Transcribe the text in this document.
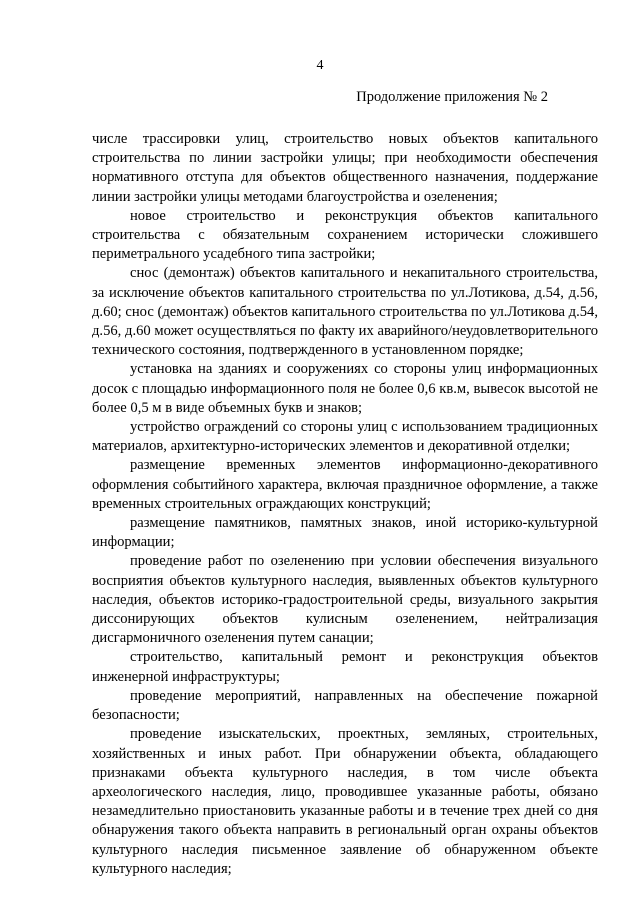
4
Продолжение приложения № 2

числе трассировки улиц, строительство новых объектов капитального строительства по линии застройки улицы; при необходимости обеспечения нормативного отступа для объектов общественного назначения, поддержание линии застройки улицы методами благоустройства и озеленения;

новое строительство и реконструкция объектов капитального строительства с обязательным сохранением исторически сложившего периметрального усадебного типа застройки;

снос (демонтаж) объектов капитального и некапитального строительства, за исключение объектов капитального строительства по ул.Лотикова, д.54, д.56, д.60; снос (демонтаж) объектов капитального строительства по ул.Лотикова д.54, д.56, д.60 может осуществляться по факту их аварийного/неудовлетворительного технического состояния, подтвержденного в установленном порядке;

установка на зданиях и сооружениях со стороны улиц информационных досок с площадью информационного поля не более 0,6 кв.м, вывесок высотой не более 0,5 м в виде объемных букв и знаков;

устройство ограждений со стороны улиц с использованием традиционных материалов, архитектурно-исторических элементов и декоративной отделки;

размещение временных элементов информационно-декоративного оформления событийного характера, включая праздничное оформление, а также временных строительных ограждающих конструкций;

размещение памятников, памятных знаков, иной историко-культурной информации;

проведение работ по озеленению при условии обеспечения визуального восприятия объектов культурного наследия, выявленных объектов культурного наследия, объектов историко-градостроительной среды, визуального закрытия диссонирующих объектов кулисным озеленением, нейтрализация дисгармоничного озеленения путем санации;

строительство, капитальный ремонт и реконструкция объектов инженерной инфраструктуры;

проведение мероприятий, направленных на обеспечение пожарной безопасности;

проведение изыскательских, проектных, земляных, строительных, хозяйственных и иных работ. При обнаружении объекта, обладающего признаками объекта культурного наследия, в том числе объекта археологического наследия, лицо, проводившее указанные работы, обязано незамедлительно приостановить указанные работы и в течение трех дней со дня обнаружения такого объекта направить в региональный орган охраны объектов культурного наследия письменное заявление об обнаруженном объекте культурного наследия;
